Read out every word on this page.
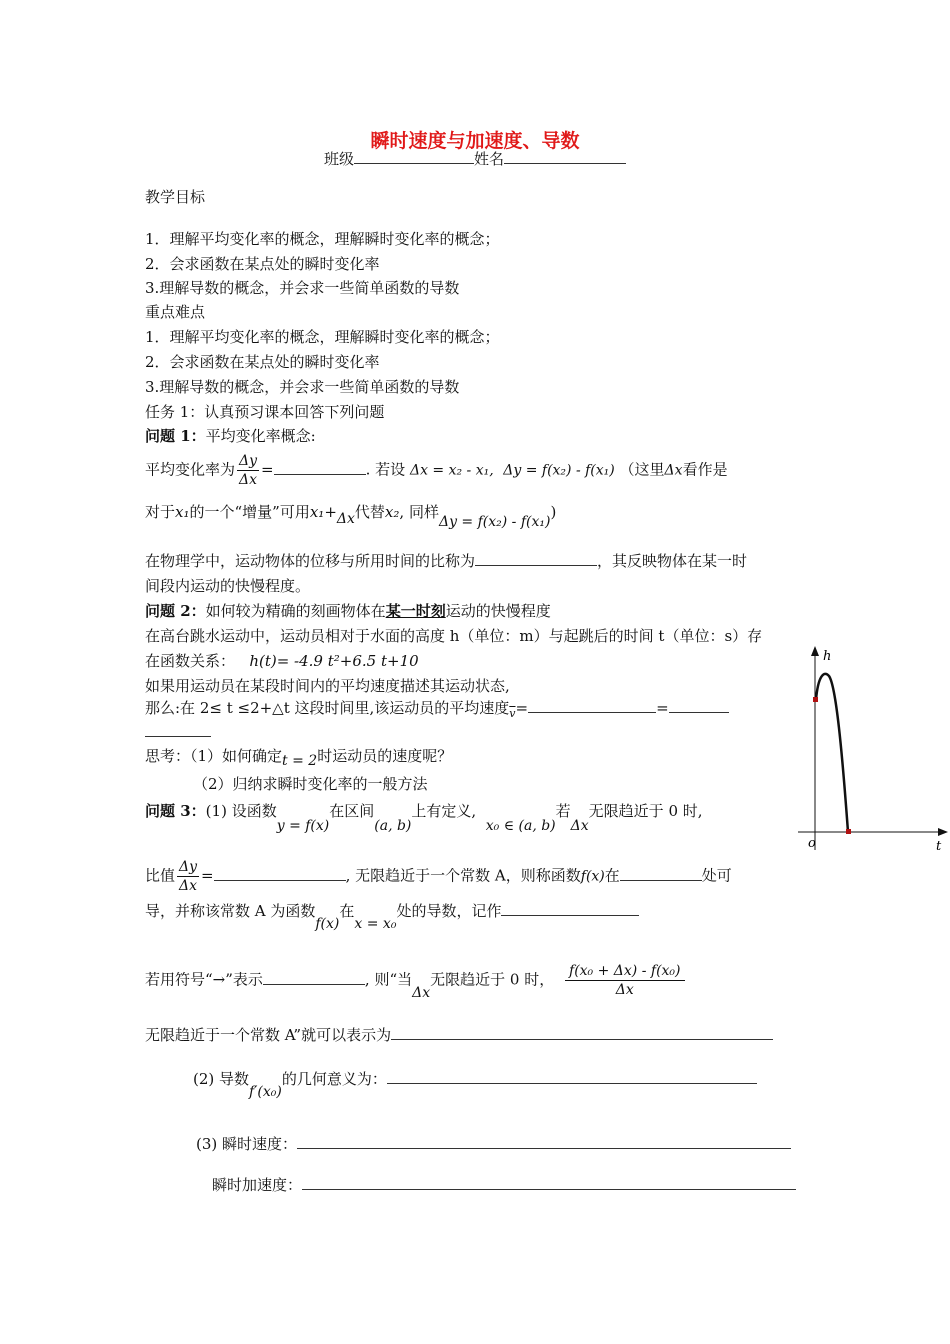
瞬时速度与加速度、导数
班级	姓名
教学目标
1．理解平均变化率的概念，理解瞬时变化率的概念；
2．会求函数在某点处的瞬时变化率
3.理解导数的概念，并会求一些简单函数的导数
重点难点
1．理解平均变化率的概念，理解瞬时变化率的概念；
2．会求函数在某点处的瞬时变化率
3.理解导数的概念，并会求一些简单函数的导数
任务 1：认真预习课本回答下列问题
问题 1：平均变化率概念:
平均变化率为 $\frac{\Delta y}{\Delta x}$ =	. 若设 Δx = x₂ - x₁, Δy = f(x₂) - f(x₁) （这里Δx看作是
对于x₁的一个“增量”可用x₁+Δx代替x₂, 同样Δy = f(x₂) - f(x₁))
在物理学中，运动物体的位移与所用时间的比称为	，其反映物体在某一时
间段内运动的快慢程度。
问题 2：如何较为精确的刻画物体在某一时刻运动的快慢程度
在高台跳水运动中，运动员相对于水面的高度 h（单位：m）与起跳后的时间 t（单位：s）存
在函数关系： h(t)= -4.9 t²+6.5 t+10
如果用运动员在某段时间内的平均速度描述其运动状态,
那么:在 2≤ t ≤2+△t 这段时间里,该运动员的平均速度$_{\overline{v}}$=	=
思考：（1）如何确定t = 2时运动员的速度呢？
（2）归纳求瞬时变化率的一般方法
问题 3：(1) 设函数y = f(x)在区间(a, b)上有定义,  x₀ ∈ (a, b)若Δx无限趋近于 0 时,
比值 $\frac{\Delta y}{\Delta x}$ =	, 无限趋近于一个常数 A，则称函数f(x)在	处可
导，并称该常数 A 为函数f(x)在x = x₀处的导数，记作
若用符号“→”表示	, 则“当Δx无限趋近于 0 时， $\frac{\text{f(x₀ + Δx) - f(x₀)}}{\Delta x}$
无限趋近于一个常数 A”就可以表示为
(2) 导数f′(x₀)的几何意义为：
(3) 瞬时速度：
瞬时加速度：
h
o	t
